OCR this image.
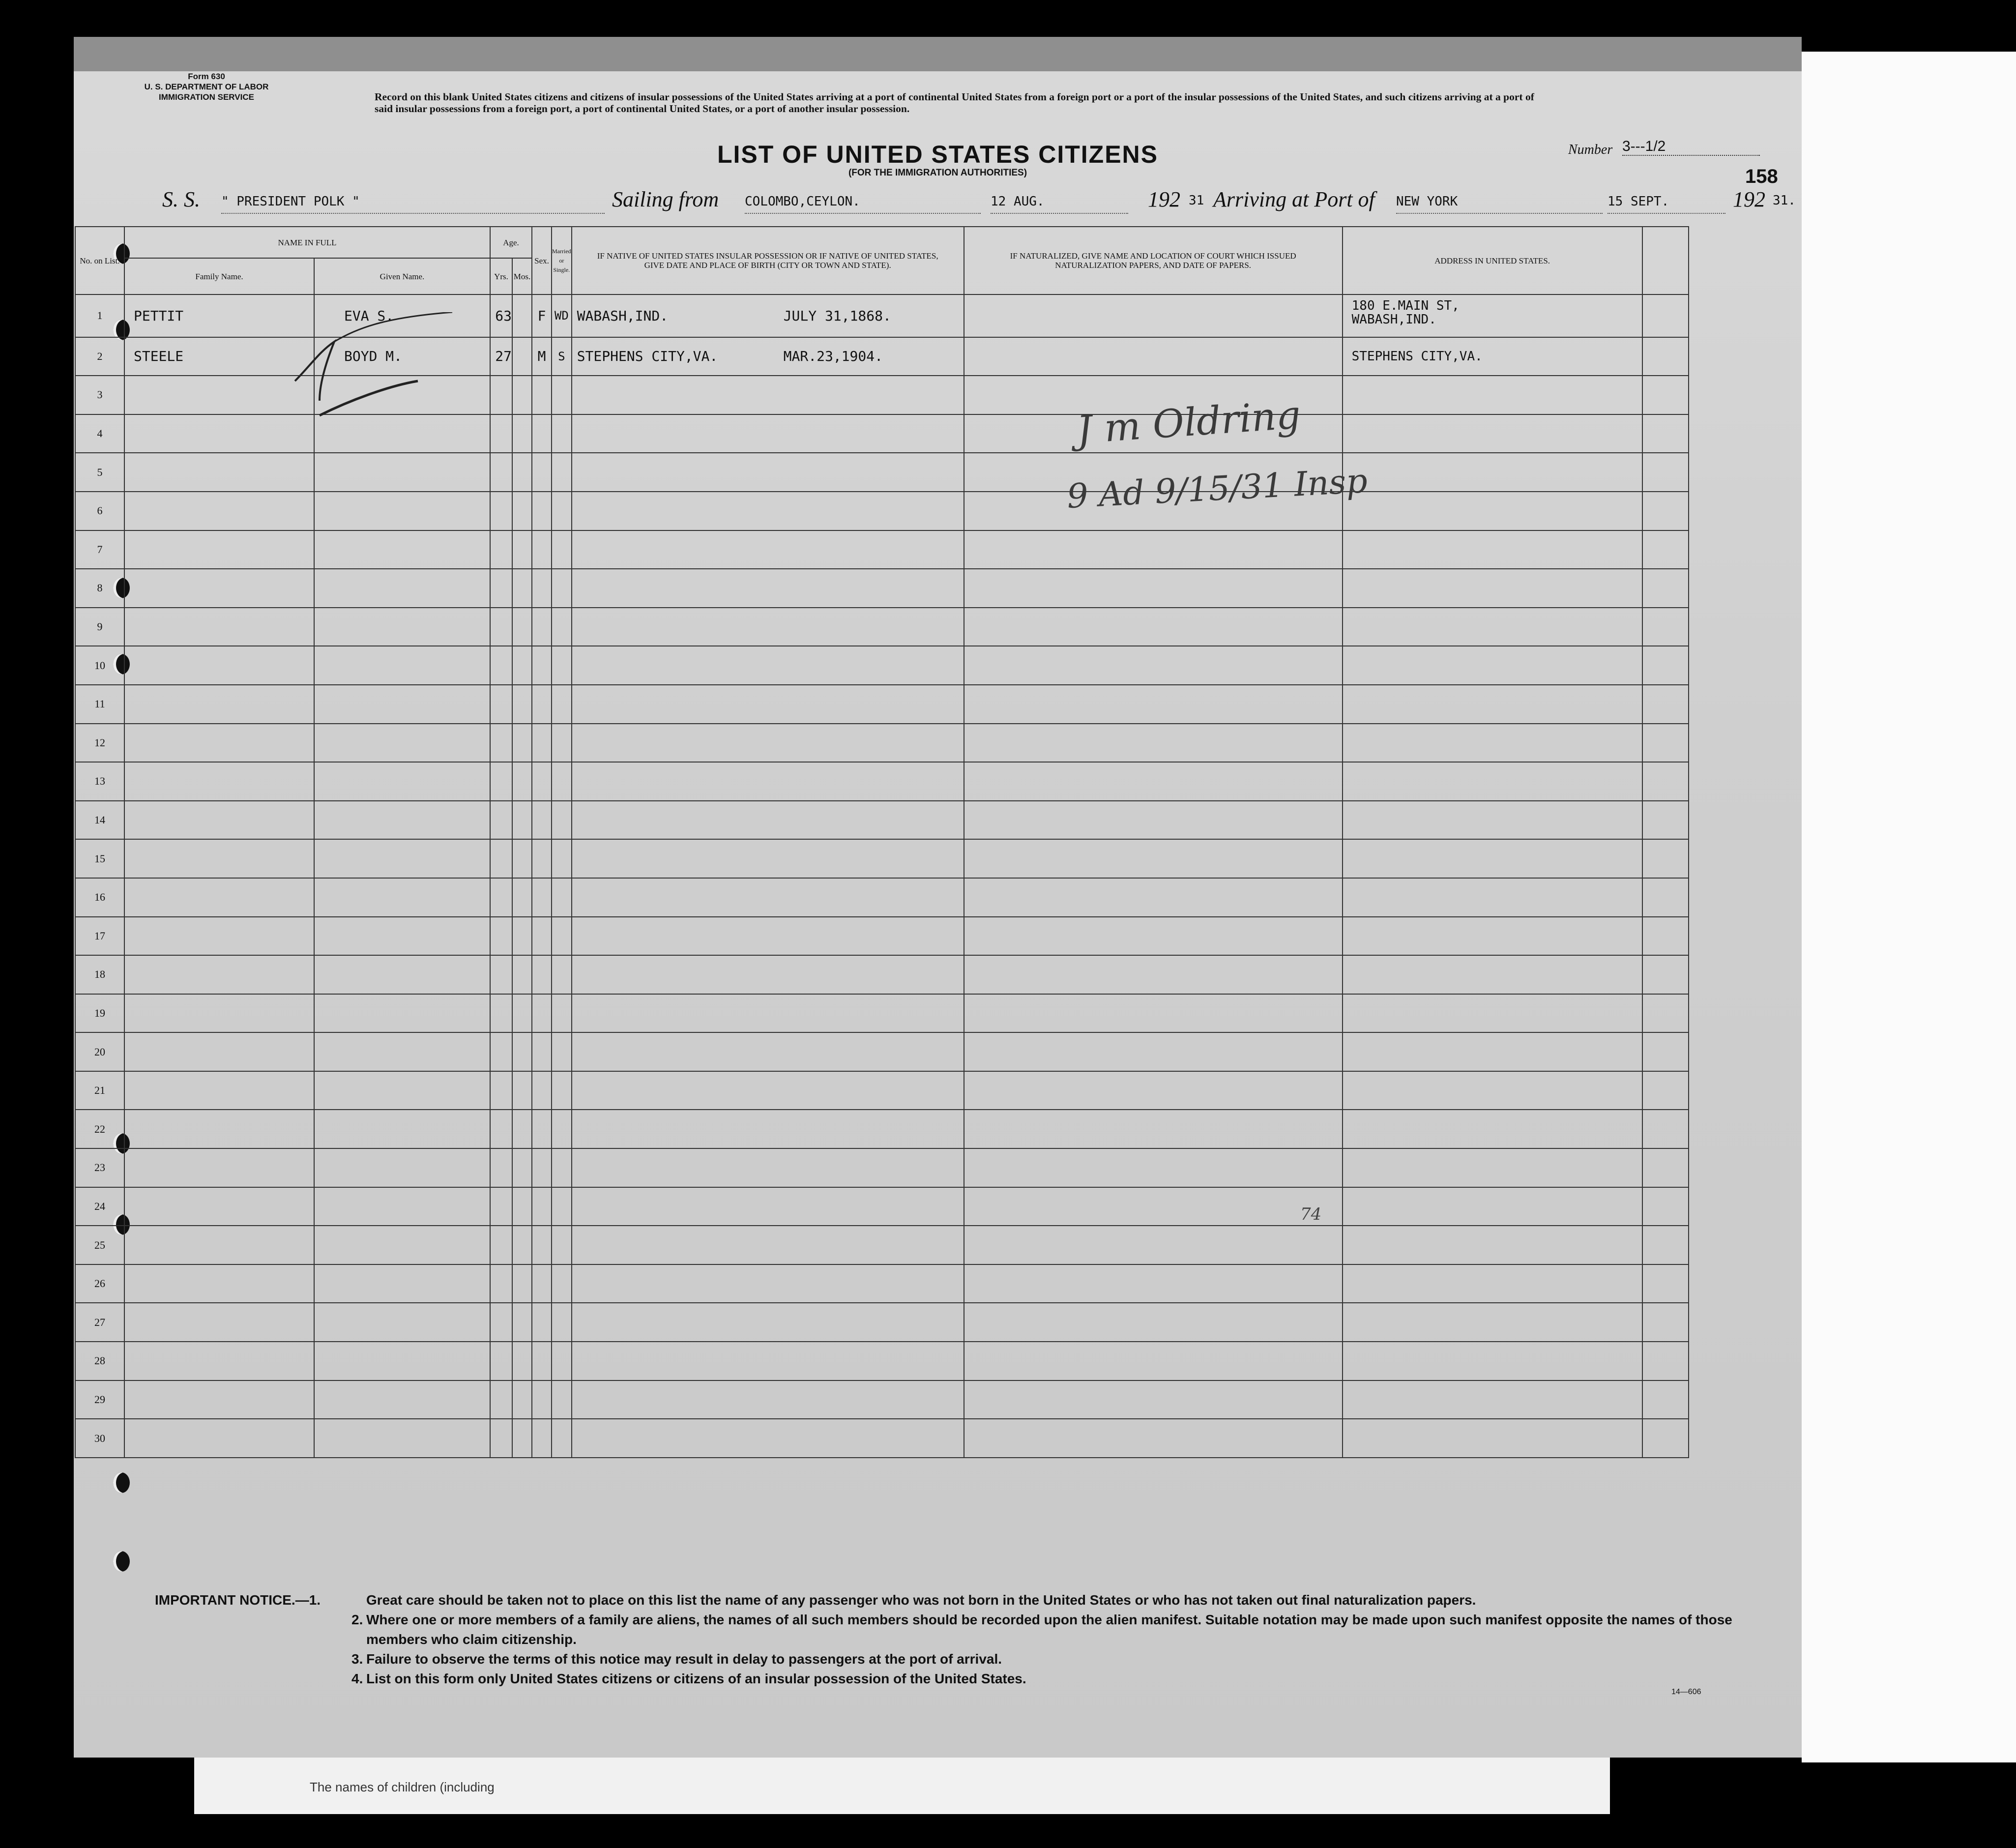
The names of children (including
Form 630
U. S. DEPARTMENT OF LABOR
IMMIGRATION SERVICE	Record on this blank United States citizens and citizens of insular possessions of the United States arriving at a port of continental United States from a foreign port or a port of the insular possessions of the United States, and such citizens arriving at a port of said insular possessions from a foreign port, a port of continental United States, or a port of another insular possession.
Number 3---1/2
LIST OF UNITED STATES CITIZENS
(FOR THE IMMIGRATION AUTHORITIES)	158
S. S. " PRESIDENT POLK "	Sailing from COLOMBO,CEYLON.	12 AUG.	192 31 Arriving at Port of NEW YORK	15 SEPT.	192 31.
No. on List.	NAME IN FULL		Age.		Sex.	Married or Single.	IF NATIVE OF UNITED STATES INSULAR POSSESSION OR IF NATIVE OF UNITED STATES, GIVE DATE AND PLACE OF BIRTH (CITY OR TOWN AND STATE).	IF NATURALIZED, GIVE NAME AND LOCATION OF COURT WHICH ISSUED NATURALIZATION PAPERS, AND DATE OF PAPERS.	ADDRESS IN UNITED STATES.	
	Family Name.	Given Name.	Yrs.	Mos.						
1	PETTIT	EVA S.	63		F	WD	WABASH,IND. JULY 31,1868.		180 E.MAIN ST,
WABASH,IND.	

2	STEELE	BOYD M.	27		M	S	STEPHENS CITY,VA. MAR.23,1904.		STEPHENS CITY,VA.	

3										
4										
5										
6										
7										
8										
9										
10										
11										
12										
13										
14										
15										
16										
17										
18										
19										
20										
21										
22										
23										
24										
25										
26										
27										
28										
29										
30										
J m Oldring
9 Ad 9/15/31 Insp
74
IMPORTANT NOTICE.—1.	Great care should be taken not to place on this list the name of any passenger who was not born in the United States or who has not taken out final naturalization papers.
2. Where one or more members of a family are aliens, the names of all such members should be recorded upon the alien manifest. Suitable notation may be made upon such manifest opposite the names of those members who claim citizenship.
3. Failure to observe the terms of this notice may result in delay to passengers at the port of arrival.
4. List on this form only United States citizens or citizens of an insular possession of the United States.
14—606
